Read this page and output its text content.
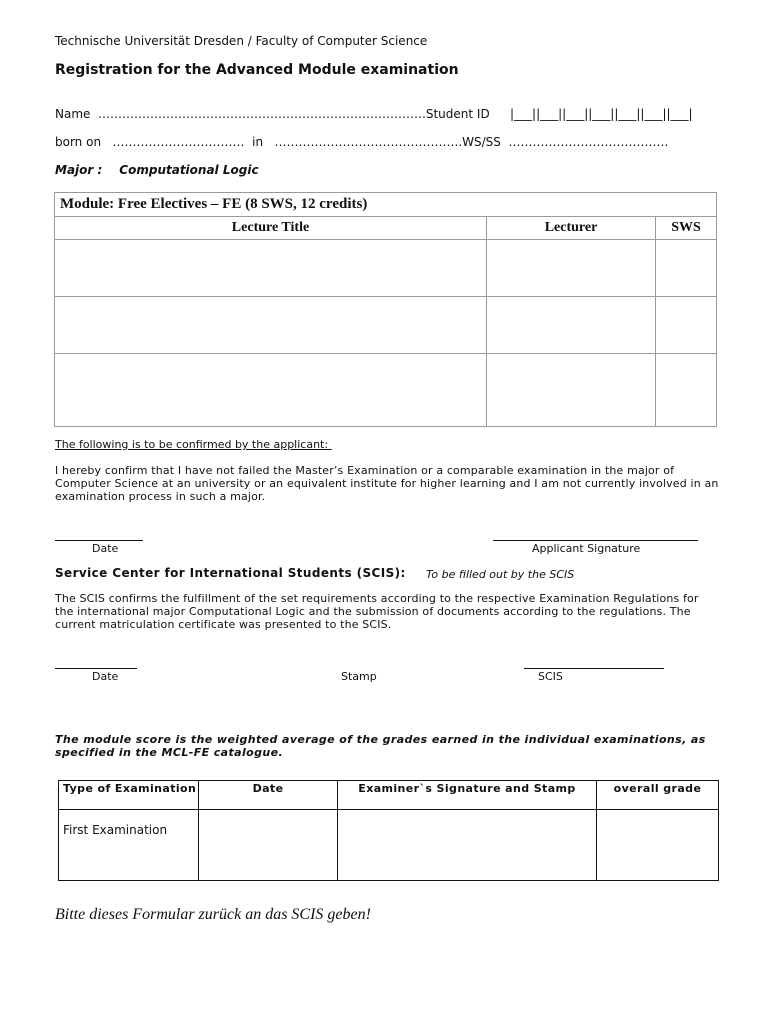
Technische Universität Dresden / Faculty of Computer Science
Registration for the Advanced Module examination
Name  ……………………………………………………………………….Student ID |___||___||___||___||___||___||___|
born on   ……………………………  in   ………………………………………..WS/SS  ………………………………….
Major : Computational Logic
Module: Free Electives – FE (8 SWS, 12 credits)		
Lecture Title	Lecturer	SWS

The following is to be confirmed by the applicant:
I hereby confirm that I have not failed the Master’s Examination or a comparable examination in the major of Computer Science at an university or an equivalent institute for higher learning and I am not currently involved in an examination process in such a major.
Date	Applicant Signature
Service Center for International Students (SCIS): To be filled out by the SCIS
The SCIS confirms the fulfillment of the set requirements according to the respective Examination Regulations for the international major Computational Logic and the submission of documents according to the regulations. The current matriculation certificate was presented to the SCIS.
Date	Stamp	SCIS
The module score is the weighted average of the grades earned in the individual examinations, as specified in the MCL-FE catalogue.
Type of Examination	Date	Examiner`s Signature and Stamp	overall grade
First Examination			
Bitte dieses Formular zurück an das SCIS geben!
